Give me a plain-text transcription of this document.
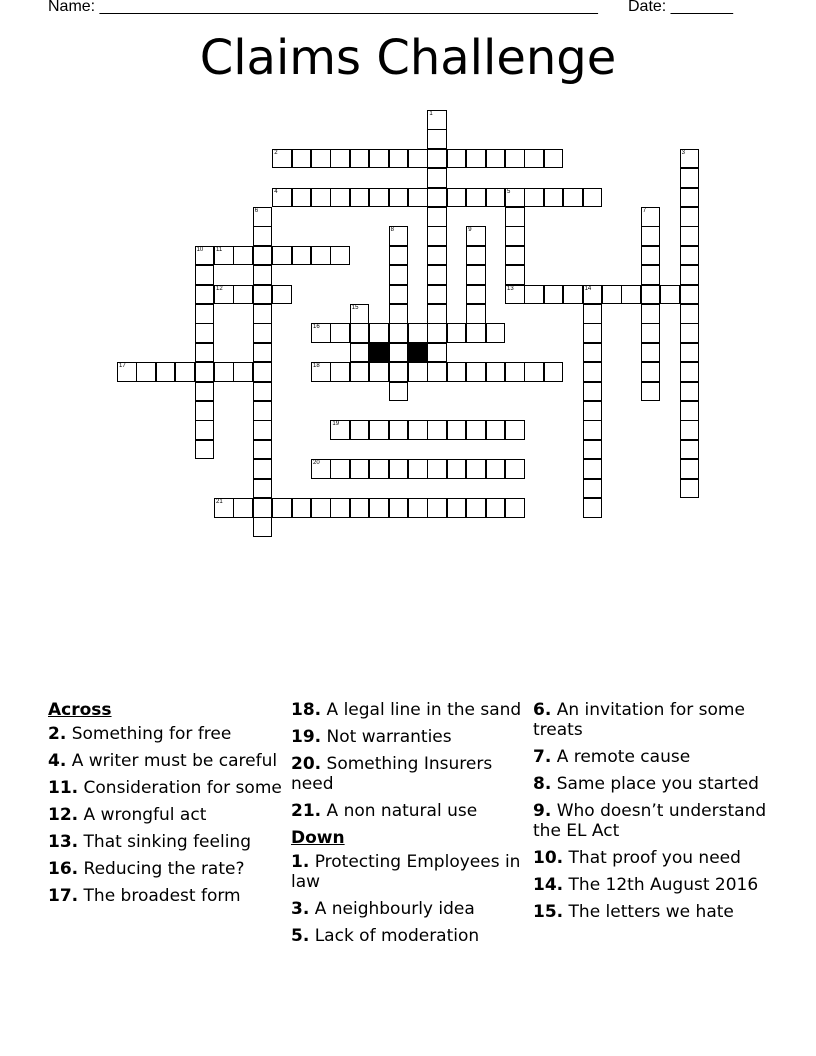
Name: ________________________________________________________ Date: _______
Claims Challenge
1
2	3
4	5
13
6	7
8	9
10 11
12	14
15
16
17	18
19
20
21
Across
2. Something for free
4. A writer must be careful
11. Consideration for some
12. A wrongful act
13. That sinking feeling
16. Reducing the rate?
17. The broadest form
18. A legal line in the sand
19. Not warranties
20. Something Insurers need
21. A non natural use
Down
1. Protecting Employees in law
3. A neighbourly idea
5. Lack of moderation
6. An invitation for some treats
7. A remote cause
8. Same place you started
9. Who doesn’t understand the EL Act
10. That proof you need
14. The 12th August 2016
15. The letters we hate
